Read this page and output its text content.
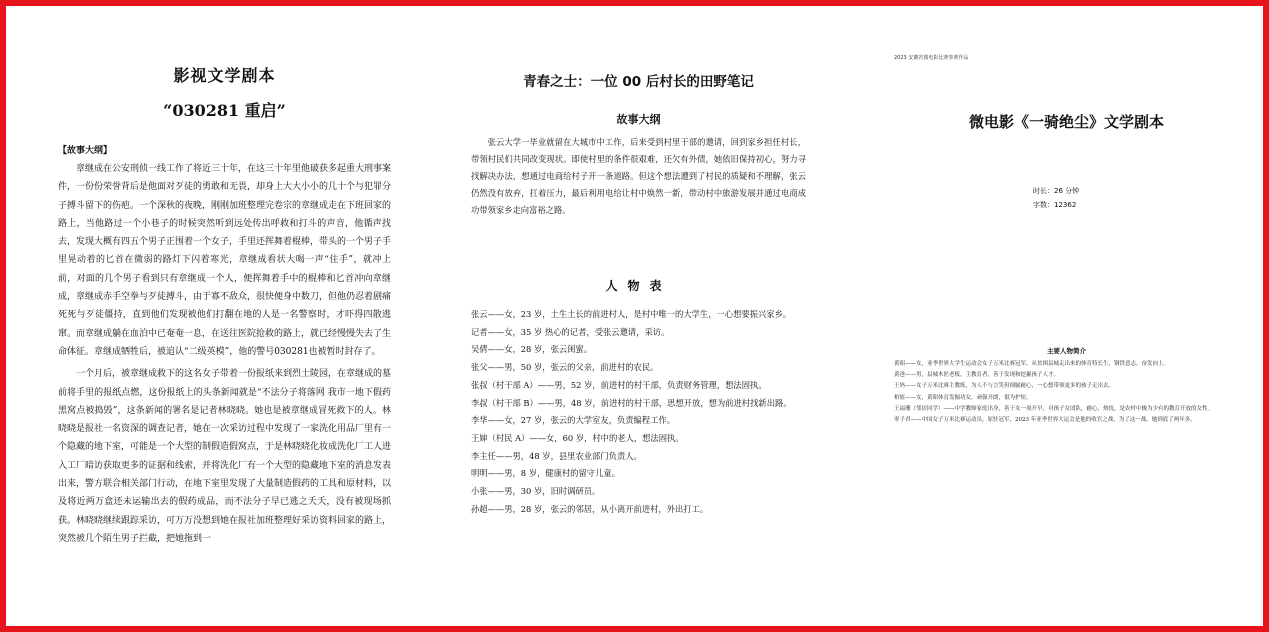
影视文学剧本
“030281 重启”
【故事大纲】

章继成在公安刑侦一线工作了将近三十年，在这三十年里他破获多起重大刑事案件，一份份荣誉背后是他面对歹徒的勇敢和无畏，却身上大大小小的几十个与犯罪分子搏斗留下的伤疤。一个深秋的夜晚，刚刚加班整理完卷宗的章继成走在下班回家的路上，当他路过一个小巷子的时候突然听到远处传出呼救和打斗的声音，他循声找去，发现大概有四五个男子正围着一个女子，手里还挥舞着棍棒，带头的一个男子手里晃动着的匕首在微弱的路灯下闪着寒光，章继成看状大喝一声“住手”，就冲上前，对面的几个男子看到只有章继成一个人，便挥舞着手中的棍棒和匕首冲向章继成，章继成赤手空拳与歹徒搏斗，由于寡不敌众，很快便身中数刀，但他仍忍着剧痛死死与歹徒僵持，直到他们发现被他们打翻在地的人是一名警察时，才吓得四散逃窜。而章继成躺在血泊中已奄奄一息，在送往医院抢救的路上，就已经慢慢失去了生命体征。章继成牺牲后，被追认“二级英模”，他的警号030281也被暂时封存了。

一个月后，被章继成救下的这名女子带着一份报纸来到烈士陵园，在章继成的墓前将手里的报纸点燃，这份报纸上的头条新闻就是“不法分子将落网 我市一地下假药黑窝点被捣毁”，这条新闻的署名是记者林晓晓。她也是被章继成冒死救下的人。林晓晓是报社一名资深的调查记者，她在一次采访过程中发现了一家洗化用品厂里有一个隐藏的地下室，可能是一个大型的制假造假窝点，于是林晓晓化妆成洗化厂工人进入工厂暗访获取更多的证据和线索，并将洗化厂有一个大型的隐藏地下室的消息发表出来，警方联合相关部门行动，在地下室里发现了大量制造假药的工具和原材料，以及将近两万盒还未运输出去的假药成品，而不法分子早已逃之夭夭，没有被现场抓获。林晓晓继续跟踪采访，可万万没想到她在报社加班整理好采访资料回家的路上，突然被几个陌生男子拦截，把她拖到一

青春之士：一位 00 后村长的田野笔记
故事大纲

张云大学一毕业就留在大城市中工作，后来受到村里干部的邀请，回到家乡担任村长，带领村民们共同改变现状。即使村里的条件很艰难，还欠有外债，她依旧保持初心，努力寻找解决办法，想通过电商给村子开一条道路。但这个想法遭到了村民的质疑和不理解，张云仍然没有放弃，扛着压力，最后利用电给让村中焕然一新，带动村中旅游发展并通过电商成功带领家乡走向富裕之路。

人物表
张云——女，23 岁，土生土长的前进村人，是村中唯一的大学生，一心想要振兴家乡。
记者——女，35 岁 热心的记者，受张云邀请，采访。
吴倩——女，28 岁，张云闺蜜。
张父——男，50 岁，张云的父亲，前进村的农民。
张叔（村干部 A）——男，52 岁，前进村的村干部，负责财务管理，想法固执。
李叔（村干部 B）——男，48 岁，前进村的村干部，思想开放，想为前进村找新出路。
李华——女，27 岁，张云的大学室友，负责编程工作。
王婶（村民 A）——女，60 岁，村中的老人，想法固执。
李主任——男，48 岁，县里农业部门负责人。
明明——男，8 岁，健康村的留守儿童。
小张——男，30 岁，旧时调研员。
孙超——男，28 岁，张云的邻居，从小离开前进村，外出打工。
2023 安徽省微电影比赛参赛作品
微电影《一骑绝尘》文学剧本
时长：26 分钟
字数：12362
主要人物简介
黄昭——女，亚季世界大学生运动会女子万米比赛冠军，从贫困县城走出来的体育特长生，钢铁意志，奋发向上。
黄爸——男，县城木匠老板，主教育者，善于发现和挖掘孩子人才。
王妈——女子万米比赛主教练，为人不与言笑但细腻耐心，一心想带领更多的孩子走出去。
柏妞——女，黄昭体育发掘功女，顽强开朗，很为护短。
王福珊（邻居同学）——中学教师家庭出身，善于女一项开早，对孩子女团队，耐心，热忱，是农村中极为少有的教育开放的女性。
零子君——中国女子万米比赛运动员，原驻冠军，2023 年亚季世界大运会是他的收官之战，为了这一战，她到底了两年多。
